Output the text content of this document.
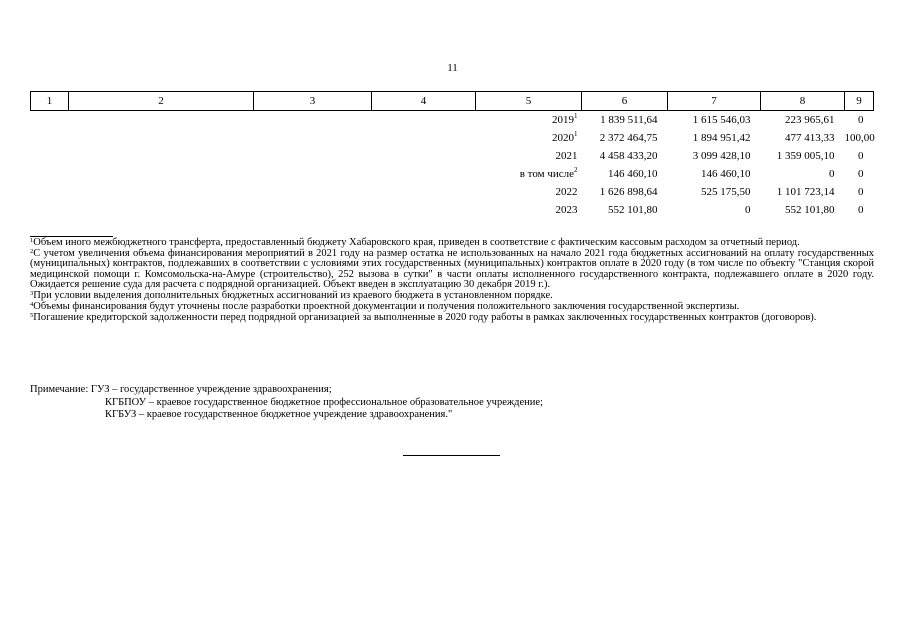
11
1	2	3	4	5	6	7	8	9
				2019$^1$	1 839 511,64	1 615 546,03	223 965,61	0
				2020$^1$	2 372 464,75	1 894 951,42	477 413,33	100,00
				2021	4 458 433,20	3 099 428,10	1 359 005,10	0
				в том числе$^2$	146 460,10	146 460,10	0	0
				2022	1 626 898,64	525 175,50	1 101 723,14	0
				2023	552 101,80	0	552 101,80	0
$^1$Объем иного межбюджетного трансферта, предоставленный бюджету Хабаровского края, приведен в соответствие с фактическим кассовым расходом за отчетный период.
$^2$С учетом увеличения объема финансирования мероприятий в 2021 году на размер остатка не использованных на начало 2021 года бюджетных ассигнований на оплату государственных (муниципальных) контрактов, подлежавших в соответствии с условиями этих государственных (муниципальных) контрактов оплате в 2020 году (в том числе по объекту "Станция скорой медицинской помощи г. Комсомольска-на-Амуре (строительство), 252 вызова в сутки" в части оплаты исполненного государственного контракта, подлежавшего оплате в 2020 году. Ожидается решение суда для расчета с подрядной организацией. Объект введен в эксплуатацию 30 декабря 2019 г.).
$^3$При условии выделения дополнительных бюджетных ассигнований из краевого бюджета в установленном порядке.
$^4$Объемы финансирования будут уточнены после разработки проектной документации и получения положительного заключения государственной экспертизы.
$^5$Погашение кредиторской задолженности перед подрядной организацией за выполненные в 2020 году работы в рамках заключенных государственных контрактов (договоров).
Примечание: ГУЗ – государственное учреждение здравоохранения;
КГБПОУ – краевое государственное бюджетное профессиональное образовательное учреждение;
КГБУЗ – краевое государственное бюджетное учреждение здравоохранения."
